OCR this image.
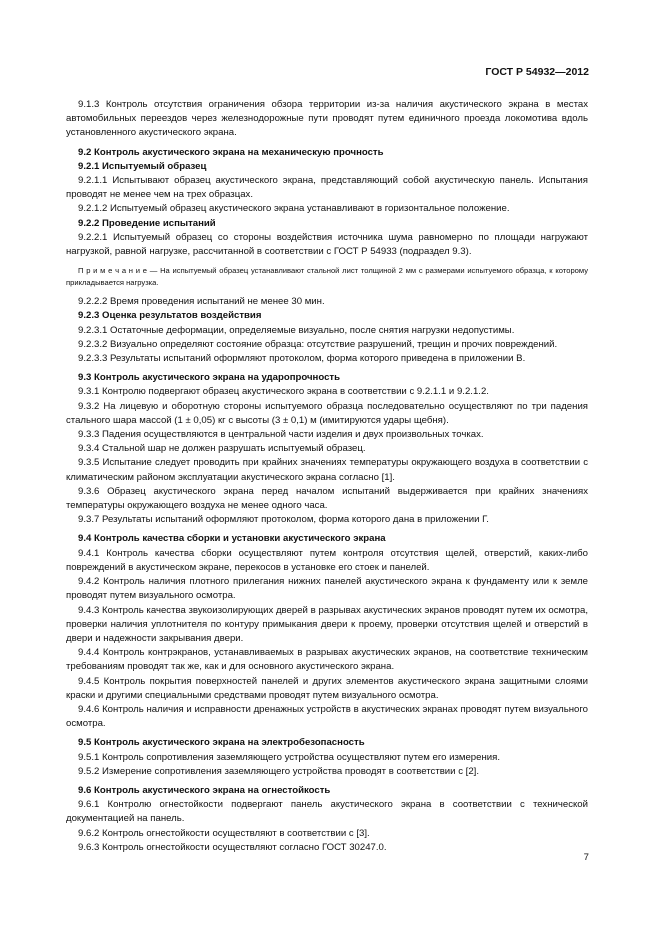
ГОСТ Р 54932—2012

9.1.3 Контроль отсутствия ограничения обзора территории из-за наличия акустического экрана в местах автомобильных переездов через железнодорожные пути проводят путем единичного проезда локомотива вдоль установленного акустического экрана.

9.2 Контроль акустического экрана на механическую прочность

9.2.1 Испытуемый образец

9.2.1.1 Испытывают образец акустического экрана, представляющий собой акустическую панель. Испытания проводят не менее чем на трех образцах.

9.2.1.2 Испытуемый образец акустического экрана устанавливают в горизонтальное положение.

9.2.2 Проведение испытаний

9.2.2.1 Испытуемый образец со стороны воздействия источника шума равномерно по площади нагружают нагрузкой, равной нагрузке, рассчитанной в соответствии с ГОСТ Р 54933 (подраздел 9.3).

П р и м е ч а н и е — На испытуемый образец устанавливают стальной лист толщиной 2 мм с размерами испытуемого образца, к которому прикладывается нагрузка.

9.2.2.2 Время проведения испытаний не менее 30 мин.

9.2.3 Оценка результатов воздействия

9.2.3.1 Остаточные деформации, определяемые визуально, после снятия нагрузки недопустимы.

9.2.3.2 Визуально определяют состояние образца: отсутствие разрушений, трещин и прочих повреждений.

9.2.3.3 Результаты испытаний оформляют протоколом, форма которого приведена в приложении В.

9.3 Контроль акустического экрана на ударопрочность

9.3.1 Контролю подвергают образец акустического экрана в соответствии с 9.2.1.1 и 9.2.1.2.

9.3.2 На лицевую и оборотную стороны испытуемого образца последовательно осуществляют по три падения стального шара массой (1 ± 0,05) кг с высоты (3 ± 0,1) м (имитируются удары щебня).

9.3.3 Падения осуществляются в центральной части изделия и двух произвольных точках.

9.3.4 Стальной шар не должен разрушать испытуемый образец.

9.3.5 Испытание следует проводить при крайних значениях температуры окружающего воздуха в соответствии с климатическим районом эксплуатации акустического экрана согласно [1].

9.3.6 Образец акустического экрана перед началом испытаний выдерживается при крайних значениях температуры окружающего воздуха не менее одного часа.

9.3.7 Результаты испытаний оформляют протоколом, форма которого дана в приложении Г.

9.4 Контроль качества сборки и установки акустического экрана

9.4.1 Контроль качества сборки осуществляют путем контроля отсутствия щелей, отверстий, каких-либо повреждений в акустическом экране, перекосов в установке его стоек и панелей.

9.4.2 Контроль наличия плотного прилегания нижних панелей акустического экрана к фундаменту или к земле проводят путем визуального осмотра.

9.4.3 Контроль качества звукоизолирующих дверей в разрывах акустических экранов проводят путем их осмотра, проверки наличия уплотнителя по контуру примыкания двери к проему, проверки отсутствия щелей и отверстий в двери и надежности закрывания двери.

9.4.4 Контроль контрэкранов, устанавливаемых в разрывах акустических экранов, на соответствие техническим требованиям проводят так же, как и для основного акустического экрана.

9.4.5 Контроль покрытия поверхностей панелей и других элементов акустического экрана защитными слоями краски и другими специальными средствами проводят путем визуального осмотра.

9.4.6 Контроль наличия и исправности дренажных устройств в акустических экранах проводят путем визуального осмотра.

9.5 Контроль акустического экрана на электробезопасность

9.5.1 Контроль сопротивления заземляющего устройства осуществляют путем его измерения.

9.5.2 Измерение сопротивления заземляющего устройства проводят в соответствии с [2].

9.6 Контроль акустического экрана на огнестойкость

9.6.1 Контролю огнестойкости подвергают панель акустического экрана в соответствии с технической документацией на панель.

9.6.2 Контроль огнестойкости осуществляют в соответствии с [3].

9.6.3 Контроль огнестойкости осуществляют согласно ГОСТ 30247.0.

7
